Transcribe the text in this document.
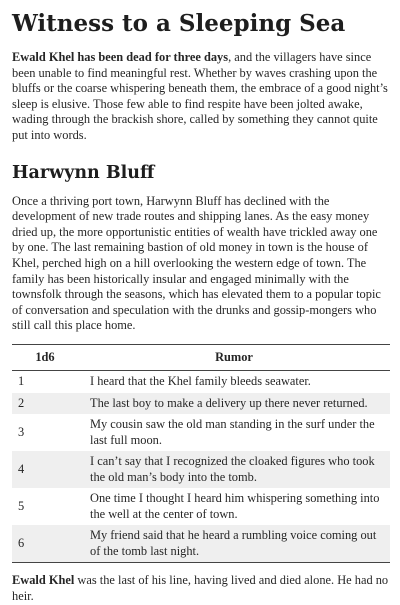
Witness to a Sleeping Sea

Ewald Khel has been dead for three days, and the villagers have since been unable to find meaningful rest. Whether by waves crashing upon the bluffs or the coarse whispering beneath them, the embrace of a good night’s sleep is elusive. Those few able to find respite have been jolted awake, wading through the brackish shore, called by something they cannot quite put into words.

Harwynn Bluff

Once a thriving port town, Harwynn Bluff has declined with the development of new trade routes and shipping lanes. As the easy money dried up, the more opportunistic entities of wealth have trickled away one by one. The last remaining bastion of old money in town is the house of Khel, perched high on a hill overlooking the western edge of town. The family has been historically insular and engaged minimally with the townsfolk through the seasons, which has elevated them to a popular topic of conversation and speculation with the drunks and gossip-mongers who still call this place home.

1d6	Rumor
1	I heard that the Khel family bleeds seawater.
2	The last boy to make a delivery up there never returned.
3	My cousin saw the old man standing in the surf under the last full moon.
4	I can’t say that I recognized the cloaked figures who took the old man’s body into the tomb.
5	One time I thought I heard him whispering something into the well at the center of town.
6	My friend said that he heard a rumbling voice coming out of the tomb last night.

Ewald Khel was the last of his line, having lived and died alone. He had no heir.
